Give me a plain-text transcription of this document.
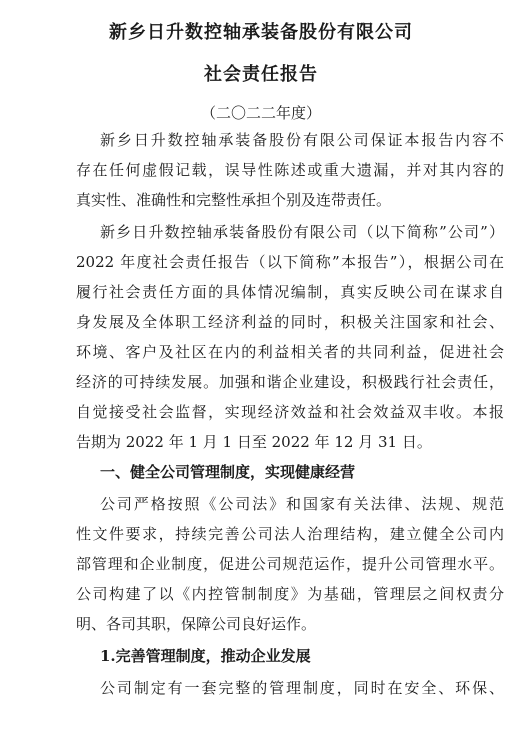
新乡日升数控轴承装备股份有限公司
社会责任报告
（二〇二二年度）
新乡日升数控轴承装备股份有限公司保证本报告内容不
存在任何虚假记载，误导性陈述或重大遗漏，并对其内容的
真实性、准确性和完整性承担个别及连带责任。
新乡日升数控轴承装备股份有限公司（以下简称”公司”）
2022 年度社会责任报告（以下简称”本报告”），根据公司在
履行社会责任方面的具体情况编制，真实反映公司在谋求自
身发展及全体职工经济利益的同时，积极关注国家和社会、
环境、客户及社区在内的利益相关者的共同利益，促进社会
经济的可持续发展。加强和谐企业建设，积极践行社会责任，
自觉接受社会监督，实现经济效益和社会效益双丰收。本报
告期为 2022 年 1 月 1 日至 2022 年 12 月 31 日。
一、健全公司管理制度，实现健康经营
公司严格按照《公司法》和国家有关法律、法规、规范
性文件要求，持续完善公司法人治理结构，建立健全公司内
部管理和企业制度，促进公司规范运作，提升公司管理水平。
公司构建了以《内控管制制度》为基础，管理层之间权责分
明、各司其职，保障公司良好运作。
1.完善管理制度，推动企业发展
公司制定有一套完整的管理制度，同时在安全、环保、
